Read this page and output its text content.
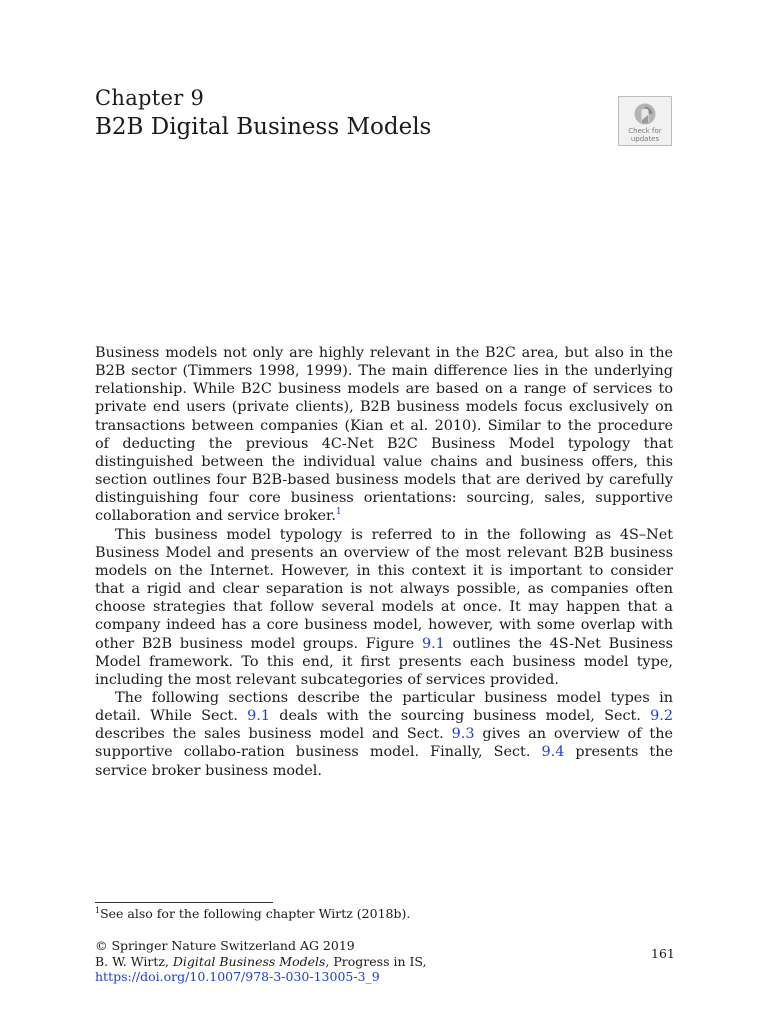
Chapter 9
B2B Digital Business Models	Check for
updates

Business models not only are highly relevant in the B2C area, but also in the B2B sector (Timmers 1998, 1999). The main difference lies in the underlying relationship. While B2C business models are based on a range of services to private end users (private clients), B2B business models focus exclusively on transactions between companies (Kian et al. 2010). Similar to the procedure of deducting the previous 4C-Net B2C Business Model typology that distinguished between the individual value chains and business offers, this section outlines four B2B-based business models that are derived by carefully distinguishing four core business orientations: sourcing, sales, supportive collaboration and service broker.$^1$

This business model typology is referred to in the following as 4S–Net Business Model and presents an overview of the most relevant B2B business models on the Internet. However, in this context it is important to consider that a rigid and clear separation is not always possible, as companies often choose strategies that follow several models at once. It may happen that a company indeed has a core business model, however, with some overlap with other B2B business model groups. Figure 9.1 outlines the 4S-Net Business Model framework. To this end, it first presents each business model type, including the most relevant subcategories of services provided.

The following sections describe the particular business model types in detail. While Sect. 9.1 deals with the sourcing business model, Sect. 9.2 describes the sales business model and Sect. 9.3 gives an overview of the supportive collabo-ration business model. Finally, Sect. 9.4 presents the service broker business model.

$^1$See also for the following chapter Wirtz (2018b).
© Springer Nature Switzerland AG 2019
B. W. Wirtz, Digital Business Models, Progress in IS,
https://doi.org/10.1007/978-3-030-13005-3_9
161
